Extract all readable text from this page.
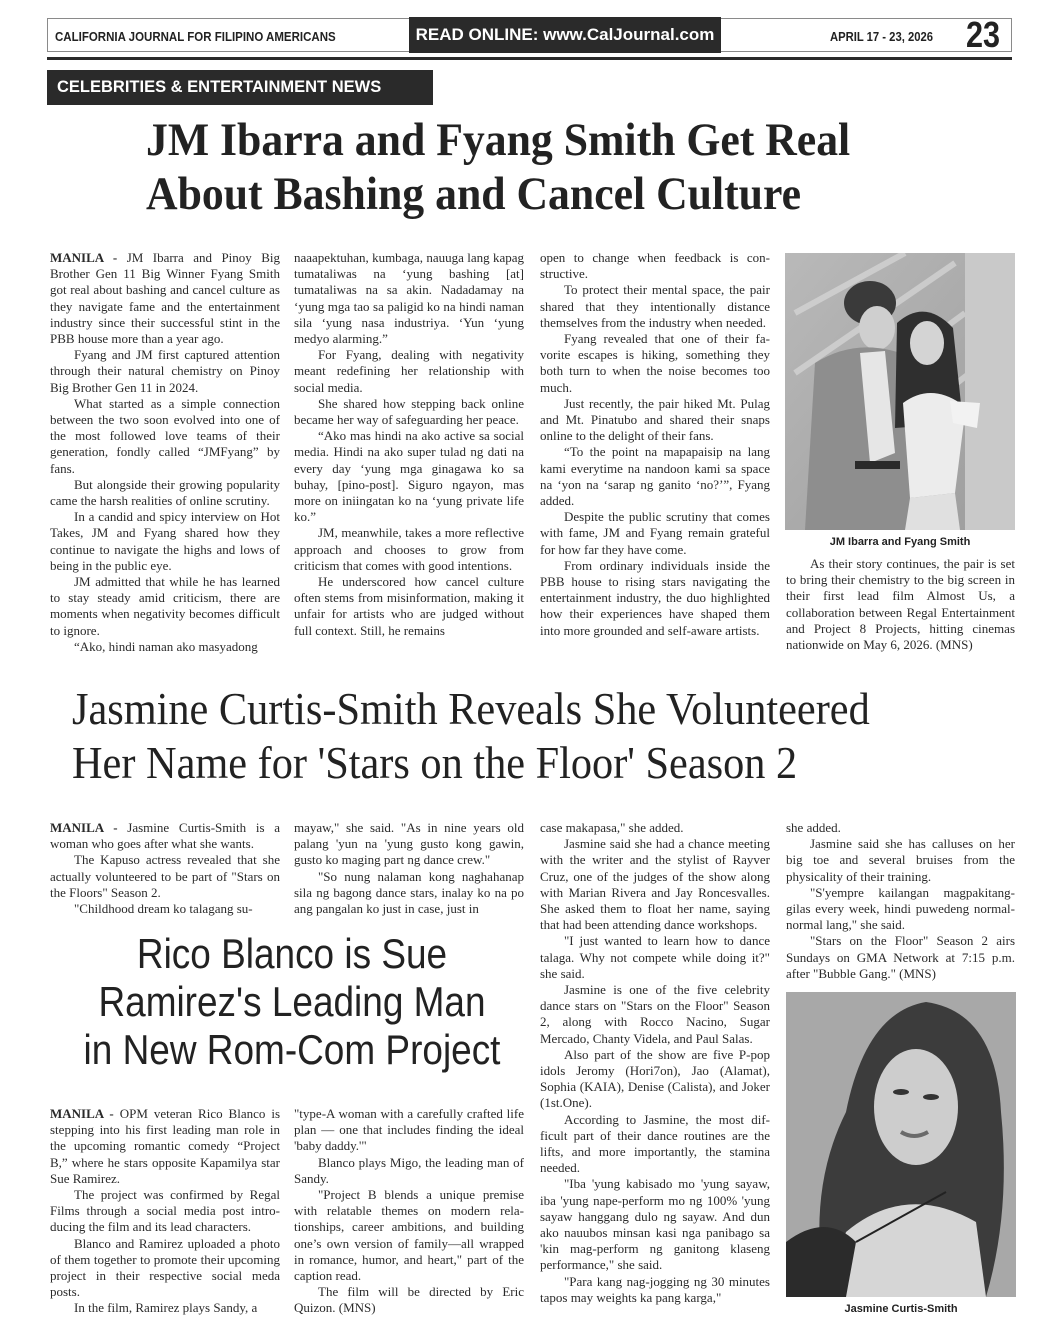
CALIFORNIA JOURNAL FOR FILIPINO AMERICANS	READ ONLINE: www.CalJournal.com	APRIL 17 - 23, 2026 23
CELEBRITIES & ENTERTAINMENT NEWS
JM Ibarra and Fyang Smith Get Real
About Bashing and Cancel Culture

MANILA - JM Ibarra and Pinoy Big Brother Gen 11 Big Winner Fyang Smith got real about bashing and cancel culture as they navigate fame and the entertainment industry since their successful stint in the PBB house more than a year ago.

Fyang and JM first captured attention through their natural chemistry on Pinoy Big Brother Gen 11 in 2024.

What started as a simple connection between the two soon evolved into one of the most followed love teams of their generation, fondly called “JMFyang” by fans.

But alongside their growing popularity came the harsh realities of online scrutiny.

In a candid and spicy interview on Hot Takes, JM and Fyang shared how they continue to navigate the highs and lows of being in the public eye.

JM admitted that while he has learned to stay steady amid criticism, there are moments when negativity becomes difficult to ignore.

“Ako, hindi naman ako masyadong

naaapektuhan, kumbaga, nauuga lang kapag tumataliwas na ‘yung bashing [at] tumataliwas na sa akin. Nadadamay na ‘yung mga tao sa paligid ko na hindi naman sila ‘yung nasa industriya. ‘Yun ‘yung medyo alarming.”

For Fyang, dealing with negativity meant redefining her relationship with social media.

She shared how stepping back online became her way of safeguarding her peace.

“Ako mas hindi na ako active sa social media. Hindi na ako super tulad ng dati na every day ‘yung mga ginagawa ko sa buhay, [pino-post]. Siguro ngayon, mas more on iniingatan ko na ‘yung private life ko.”

JM, meanwhile, takes a more reflective approach and chooses to grow from criticism that comes with good intentions.

He underscored how cancel culture often stems from misinformation, making it unfair for artists who are judged without full context. Still, he remains

open to change when feedback is constructive.

To protect their mental space, the pair shared that they intentionally distance themselves from the industry when needed.

Fyang revealed that one of their favorite escapes is hiking, something they both turn to when the noise becomes too much.

Just recently, the pair hiked Mt. Pulag and Mt. Pinatubo and shared their snaps online to the delight of their fans.

“To the point na mapapaisip na lang kami everytime na nandoon kami sa space na ‘yon na ‘sarap ng ganito ‘no?’”, Fyang added.

Despite the public scrutiny that comes with fame, JM and Fyang remain grateful for how far they have come.

From ordinary individuals inside the PBB house to rising stars navigating the entertainment industry, the duo highlighted how their experiences have shaped them into more grounded and self-aware artists.

JM Ibarra and Fyang Smith

As their story continues, the pair is set to bring their chemistry to the big screen in their first lead film Almost Us, a collaboration between Regal Entertainment and Project 8 Projects, hitting cinemas nationwide on May 6, 2026. (MNS)

Jasmine Curtis-Smith Reveals She Volunteered
Her Name for 'Stars on the Floor' Season 2

MANILA - Jasmine Curtis-Smith is a woman who goes after what she wants.

The Kapuso actress revealed that she actually volunteered to be part of "Stars on the Floors" Season 2.

"Childhood dream ko talagang su-

mayaw," she said. "As in nine years old palang 'yun na 'yung gusto kong gawin, gusto ko maging part ng dance crew."

"So nung nalaman kong naghahanap sila ng bagong dance stars, inalay ko na po ang pangalan ko just in case, just in

case makapasa," she added.

Jasmine said she had a chance meeting with the writer and the stylist of Rayver Cruz, one of the judges of the show along with Marian Rivera and Jay Roncesvalles. She asked them to float her name, saying that had been attending dance workshops.

"I just wanted to learn how to dance talaga. Why not compete while doing it?" she said.

Jasmine is one of the five celebrity dance stars on "Stars on the Floor" Season 2, along with Rocco Nacino, Sugar Mercado, Chanty Videla, and Paul Salas.

Also part of the show are five P-pop idols Jeromy (Hori7on), Jao (Alamat), Sophia (KAIA), Denise (Calista), and Joker (1st.One).

According to Jasmine, the most difficult part of their dance routines are the lifts, and more importantly, the stamina needed.

"Iba 'yung kabisado mo 'yung sayaw, iba 'yung nape-perform mo ng 100% 'yung sayaw hanggang dulo ng sayaw. And dun ako nauubos minsan kasi nga panibago sa 'kin mag-perform ng ganitong klaseng performance," she said.

"Para kang nag-jogging ng 30 minutes tapos may weights ka pang karga,"

she added.

Jasmine said she has calluses on her big toe and several bruises from the physicality of their training.

"S'yempre kailangan magpakitang-gilas every week, hindi puwedeng normal-normal lang," she said.

"Stars on the Floor" Season 2 airs Sundays on GMA Network at 7:15 p.m. after "Bubble Gang." (MNS)

Jasmine Curtis-Smith
Rico Blanco is Sue
Ramirez's Leading Man
in New Rom-Com Project

MANILA - OPM veteran Rico Blanco is stepping into his first leading man role in the upcoming romantic comedy “Project B,” where he stars opposite Kapamilya star Sue Ramirez.

The project was confirmed by Regal Films through a social media post introducing the film and its lead characters.

Blanco and Ramirez uploaded a photo of them together to promote their upcoming project in their respective social meda posts.

In the film, Ramirez plays Sandy, a

"type-A woman with a carefully crafted life plan — one that includes finding the ideal 'baby daddy.'"

Blanco plays Migo, the leading man of Sandy.

"Project B blends a unique premise with relatable themes on modern relationships, career ambitions, and building one’s own version of family—all wrapped in romance, humor, and heart," part of the caption read.

The film will be directed by Eric Quizon. (MNS)
